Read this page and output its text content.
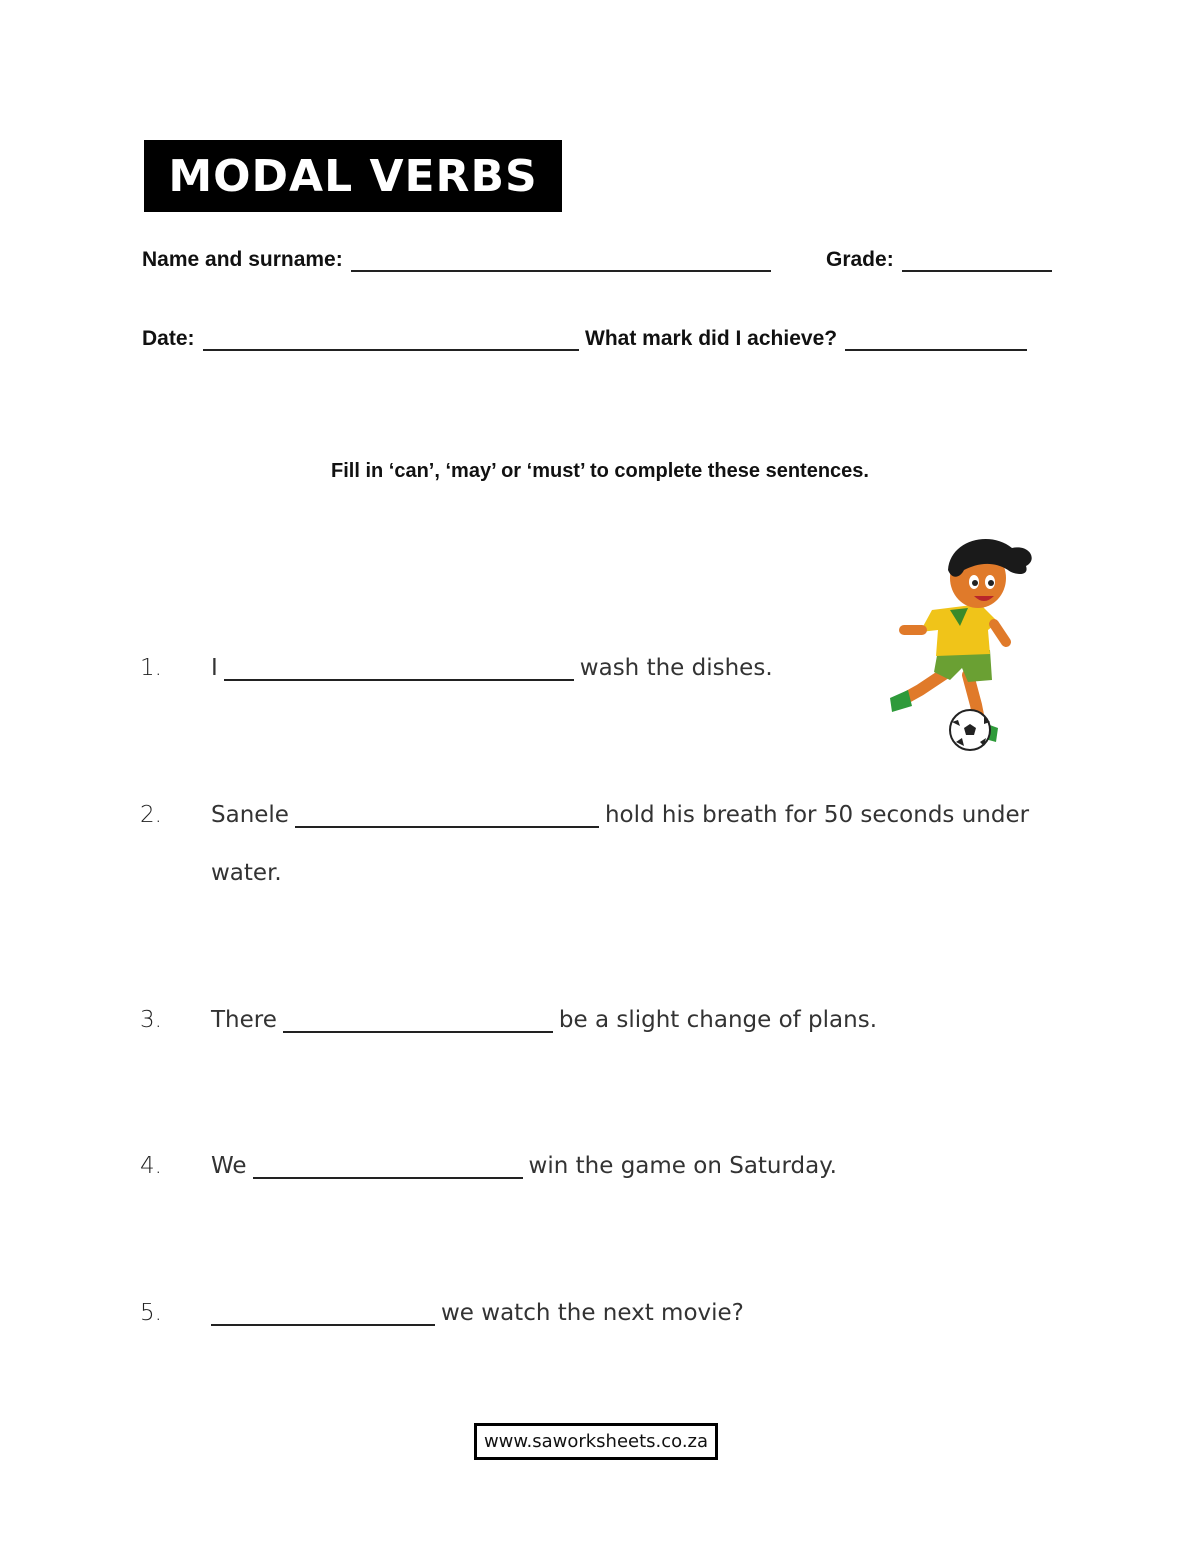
MODAL VERBS
Name and surname:	Grade:
Date:	What mark did I achieve?
Fill in ‘can’, ‘may’ or ‘must’ to complete these sentences.
1. I	wash the dishes.
2. Sanele	hold his breath for 50 seconds under
water.
3. There	be a slight change of plans.
4. We	win the game on Saturday.
5.	we watch the next movie?
www.saworksheets.co.za
